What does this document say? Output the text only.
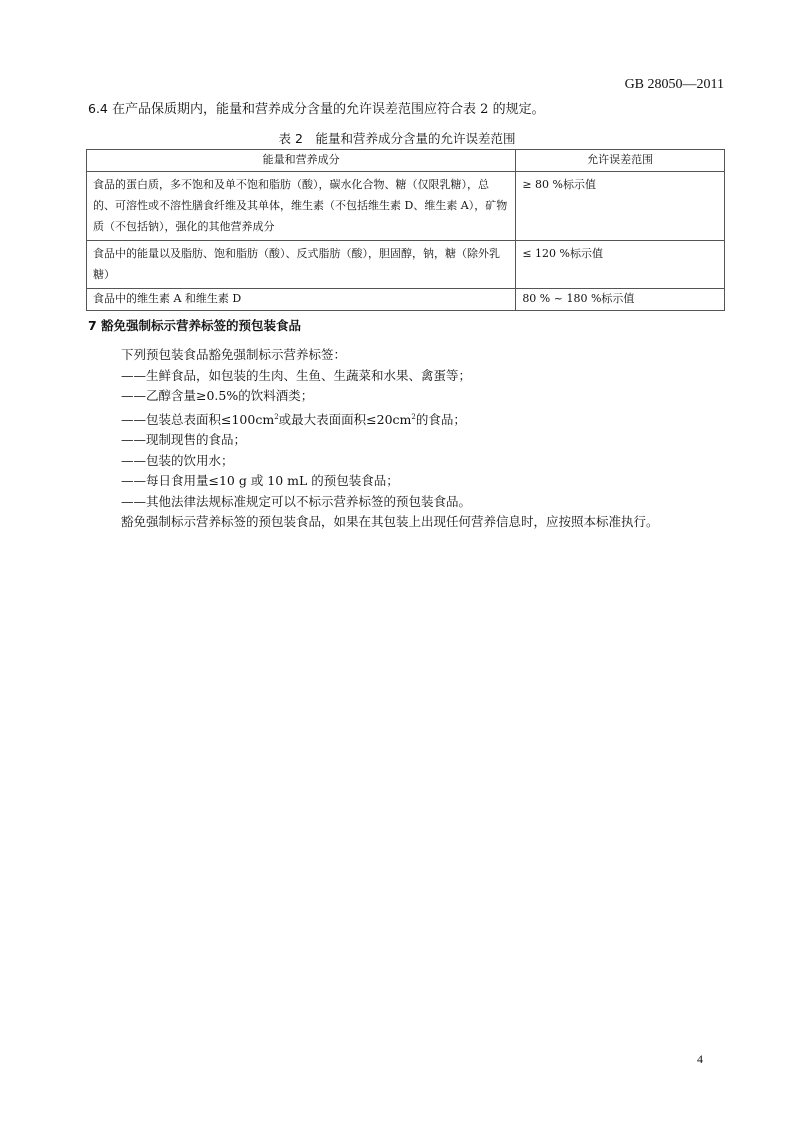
GB 28050—2011
6.4 在产品保质期内，能量和营养成分含量的允许误差范围应符合表 2 的规定。
表 2　能量和营养成分含量的允许误差范围
能量和营养成分	允许误差范围
食品的蛋白质，多不饱和及单不饱和脂肪（酸），碳水化合物、糖（仅限乳糖），总的、可溶性或不溶性膳食纤维及其单体，维生素（不包括维生素 D、维生素 A），矿物质（不包括钠），强化的其他营养成分	≥ 80 %标示值
食品中的能量以及脂肪、饱和脂肪（酸）、反式脂肪（酸），胆固醇，钠，糖（除外乳糖）	≤ 120 %标示值
食品中的维生素 A 和维生素 D	80 % ~ 180 %标示值
7 豁免强制标示营养标签的预包装食品
下列预包装食品豁免强制标示营养标签：
——生鲜食品，如包装的生肉、生鱼、生蔬菜和水果、禽蛋等；
——乙醇含量≥0.5%的饮料酒类；
——包装总表面积$\le 100cm^2$或最大表面面积$\le 20cm^2$的食品；
——现制现售的食品；
——包装的饮用水；
——每日食用量≤10 g 或 10 mL 的预包装食品；
——其他法律法规标准规定可以不标示营养标签的预包装食品。
豁免强制标示营养标签的预包装食品，如果在其包装上出现任何营养信息时，应按照本标准执行。
4
